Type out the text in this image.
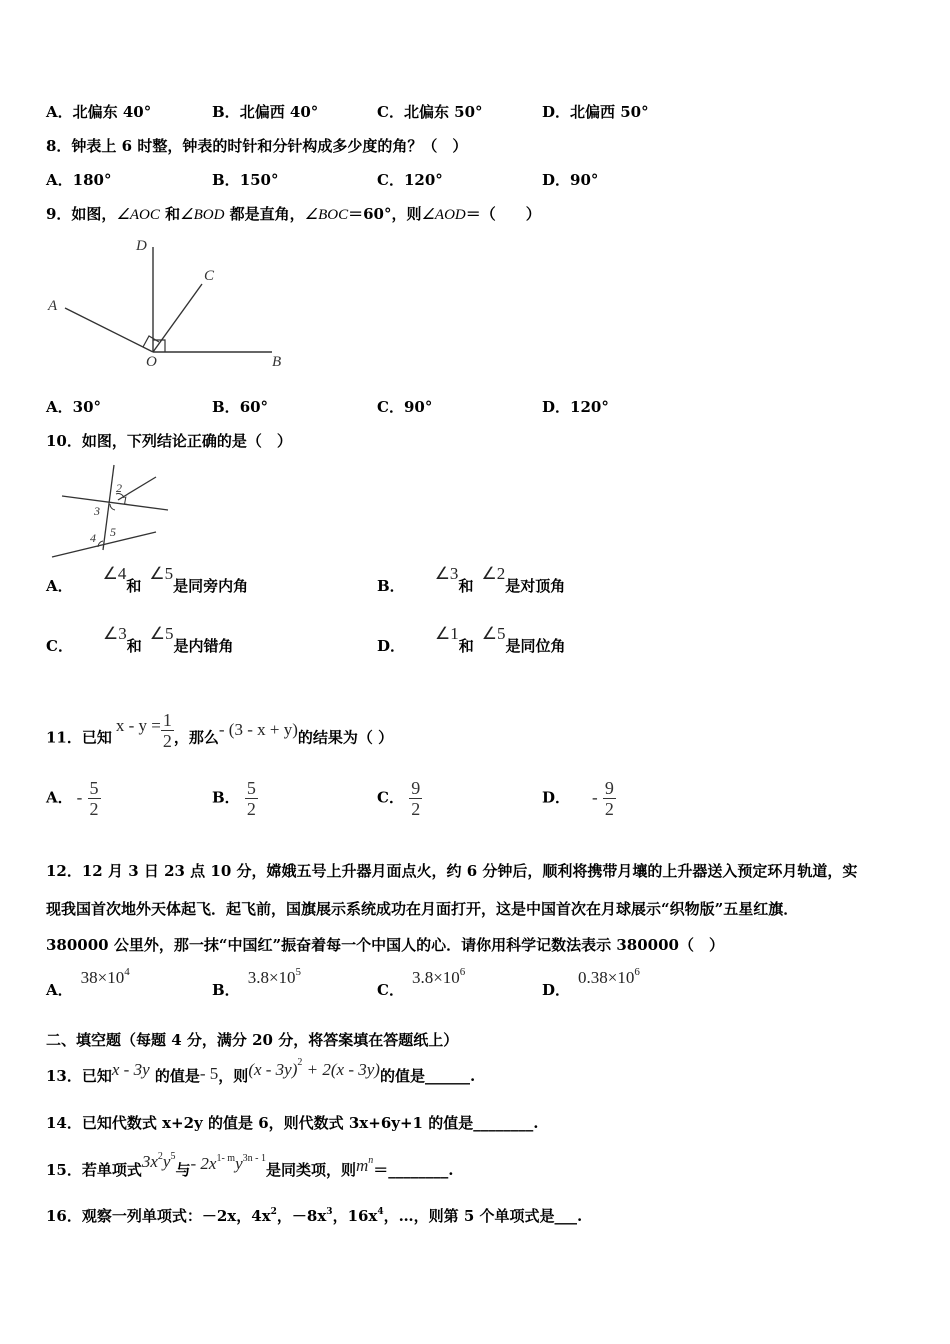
A．北偏东 40°	B．北偏西 40°	C．北偏东 50°	D．北偏西 50°
8．钟表上 6 时整，钟表的时针和分针构成多少度的角？（　）
A．180°	B．150°	C．120°	D．90°
9．如图，∠AOC 和∠BOD 都是直角，∠BOC＝60°，则∠AOD＝（　　）
D
C
A
O	B
A．30°	B．60°	C．90°	D．120°
10．如图，下列结论正确的是（　）
2
1
3
4 5
A．∠4和∠5是同旁内角	B．∠3和∠2是对顶角
C．∠3和∠5是内错角	D．∠1和∠5是同位角
11．已知$x - y = \frac{1}{2}$ ，那么- (3 - x + y)的结果为（ ）
A． - $\frac{5}{2}$	B． $\frac{5}{2}$	C． $\frac{9}{2}$	D． - $\frac{9}{2}$
12．12 月 3 日 23 点 10 分，嫦娥五号上升器月面点火，约 6 分钟后，顺利将携带月壤的上升器送入预定环月轨道，实
现我国首次地外天体起飞．起飞前，国旗展示系统成功在月面打开，这是中国首次在月球展示“织物版”五星红旗．
380000 公里外，那一抹“中国红”振奋着每一个中国人的心．请你用科学记数法表示 380000（　）
A．$38\times 10^4$
B．$3.8\times 10^5$
C．$3.8\times 10^6$
D．$0.38\times 10^6$
二、填空题（每题 4 分，满分 20 分，将答案填在答题纸上）
13．已知x - 3y 的值是- 5，则(x - 3y)$^2$ + 2(x - 3y)的值是______.
14．已知代数式 x+2y 的值是 6，则代数式 3x+6y+1 的值是________.
15．若单项式$3x^2y^5$与- $2x^{1- m}y^{3n - 1}$是同类项，则$m^n=\_\_\_\_\_\_\_\_$.
16．观察一列单项式：－2x，$4x^2$，$-8x^3$，$16x^4$，…，则第 5 个单项式是___.
